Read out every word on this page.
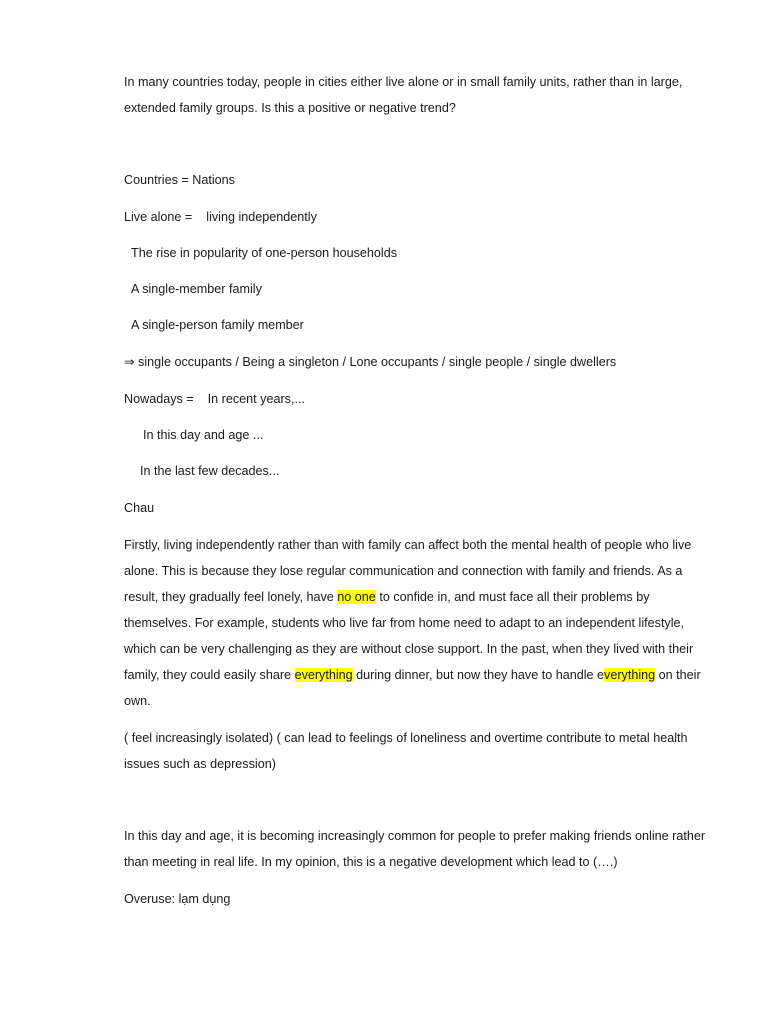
In many countries today, people in cities either live alone or in small family units, rather than in large,
extended family groups. Is this a positive or negative trend?
Countries = Nations
Live alone =    living independently
The rise in popularity of one-person households
A single-member family
A single-person family member
⇒ single occupants / Being a singleton / Lone occupants / single people / single dwellers
Nowadays =    In recent years,...
In this day and age ...
In the last few decades...
Chau
Firstly, living independently rather than with family can affect both the mental health of people who live
alone. This is because they lose regular communication and connection with family and friends. As a
result, they gradually feel lonely, have no one to confide in, and must face all their problems by
themselves. For example, students who live far from home need to adapt to an independent lifestyle,
which can be very challenging as they are without close support. In the past, when they lived with their
family, they could easily share everything during dinner, but now they have to handle everything on their
own.
( feel increasingly isolated) ( can lead to feelings of loneliness and overtime contribute to metal health
issues such as depression)
In this day and age, it is becoming increasingly common for people to prefer making friends online rather
than meeting in real life. In my opinion, this is a negative development which lead to (….)
Overuse: lạm dụng
